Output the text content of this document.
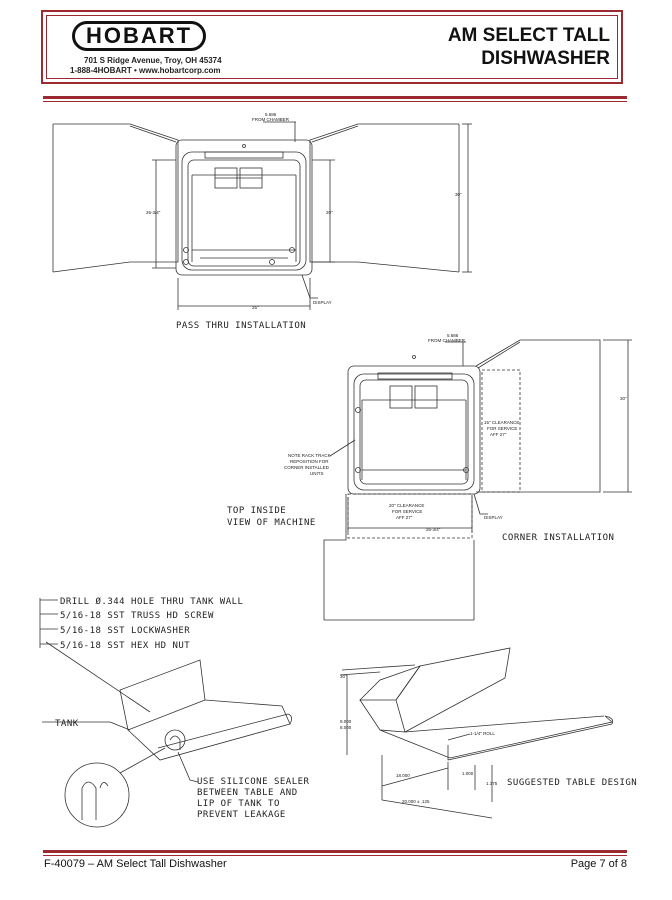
HOBART
701 S Ridge Avenue, Troy, OH 45374
1-888-4HOBART • www.hobartcorp.com
AM SELECT TALL
DISHWASHER
5.686
FROM CHAMBER
30"
26-3/4"	20"
25"
DISPLAY
PASS THRU INSTALLATION
5.686
FROM CHAMBER
30"
15" CLEARANCE
FOR SERVICE
AFF 27"
20" CLEARANCE
FOR SERVICE
AFF 27"
NOTE RACK TRACK
REPOSITION FOR
CORNER INSTALLED
UNITS
26-3/4"
DISPLAY
TOP INSIDE
VIEW OF MACHINE
CORNER INSTALLATION
DRILL Ø.344 HOLE THRU TANK WALL
5/16-18 SST TRUSS HD SCREW
5/16-18 SST LOCKWASHER
5/16-18 SST HEX HD NUT
TANK
USE SILICONE SEALER
BETWEEN TABLE AND
LIP OF TANK TO
PREVENT LEAKAGE
30°
9.000
8.000
1-1/4" ROLL
18.000	1.000
1.375
20.000 ± .125
SUGGESTED TABLE DESIGN
F-40079 – AM Select Tall Dishwasher	Page 7 of 8
